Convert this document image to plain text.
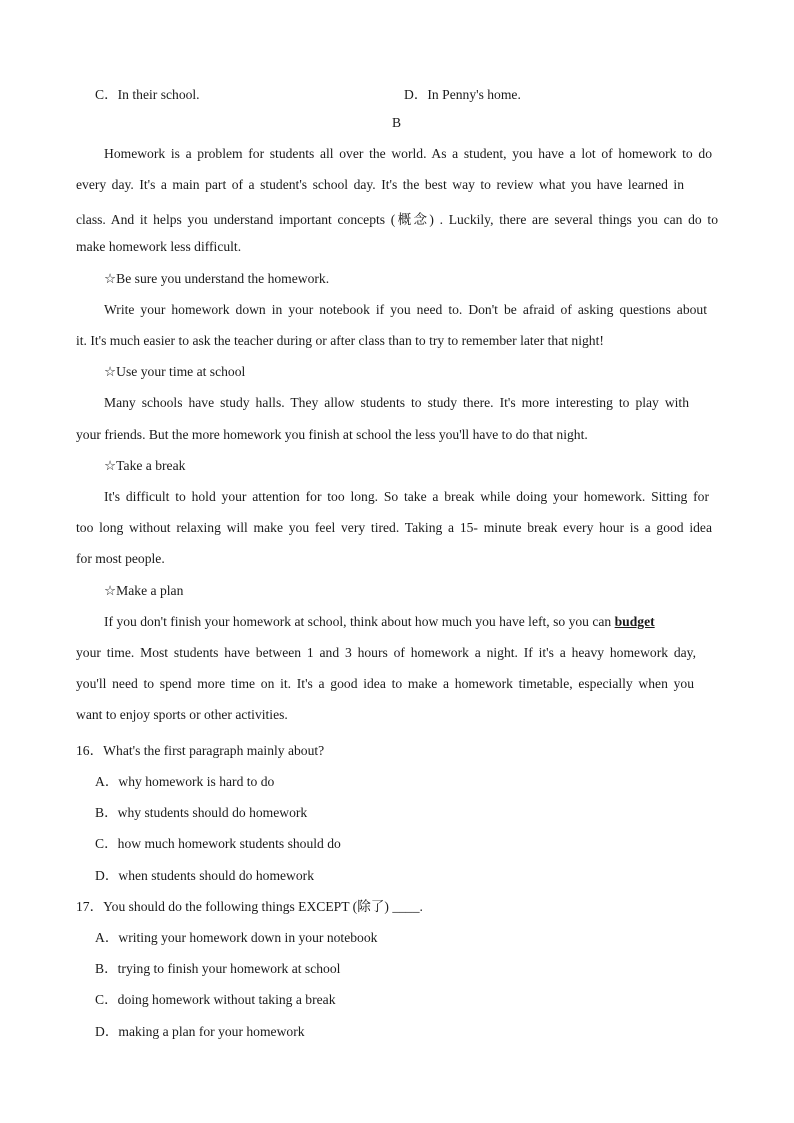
C．In their school.	D．In Penny's home.
B
Homework is a problem for students all over the world. As a student, you have a lot of homework to do
every day. It's a main part of a student's school day. It's the best way to review what you have learned in
class. And it helps you understand important concepts (概念) . Luckily, there are several things you can do to
make homework less difficult.
☆Be sure you understand the homework.
Write your homework down in your notebook if you need to. Don't be afraid of asking questions about
it. It's much easier to ask the teacher during or after class than to try to remember later that night!
☆Use your time at school
Many schools have study halls. They allow students to study there. It's more interesting to play with
your friends. But the more homework you finish at school the less you'll have to do that night.
☆Take a break
It's difficult to hold your attention for too long. So take a break while doing your homework. Sitting for
too long without relaxing will make you feel very tired. Taking a 15- minute break every hour is a good idea
for most people.
☆Make a plan
If you don't finish your homework at school, think about how much you have left, so you can budget
your time. Most students have between 1 and 3 hours of homework a night. If it's a heavy homework day,
you'll need to spend more time on it. It's a good idea to make a homework timetable, especially when you
want to enjoy sports or other activities.
16．What's the first paragraph mainly about?
A．why homework is hard to do
B．why students should do homework
C．how much homework students should do
D．when students should do homework
17．You should do the following things EXCEPT (除了) ____.
A．writing your homework down in your notebook
B．trying to finish your homework at school
C．doing homework without taking a break
D．making a plan for your homework
